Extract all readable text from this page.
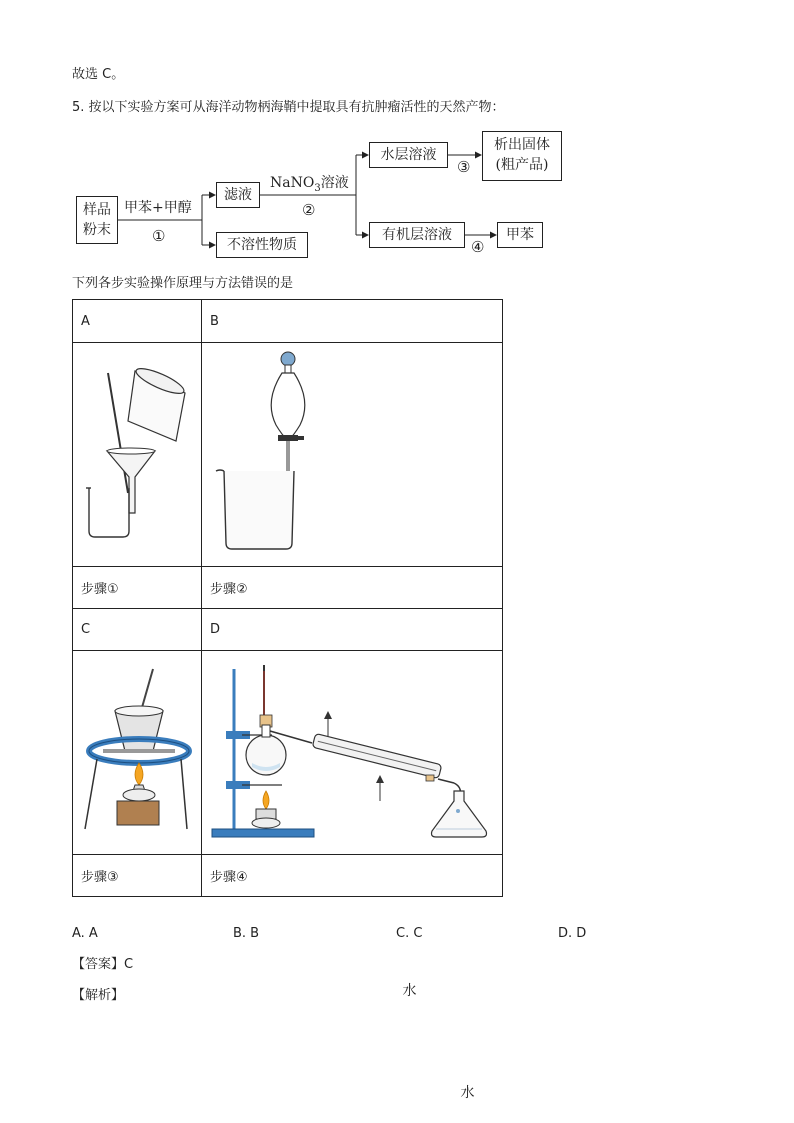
故选 C。
5. 按以下实验方案可从海洋动物柄海鞘中提取具有抗肿瘤活性的天然产物：
样品
粉末
甲苯+甲醇
①
滤液
不溶性物质
NaNO$_3$溶液
②
水层溶液
③
析出固体
(粗产品)
有机层溶液
④
甲苯
下列各步实验操作原理与方法错误的是
A	B

步骤①	步骤②
C	D

水
水

步骤③	步骤④
A. A	B. B	C. C	D. D
【答案】C
【解析】
